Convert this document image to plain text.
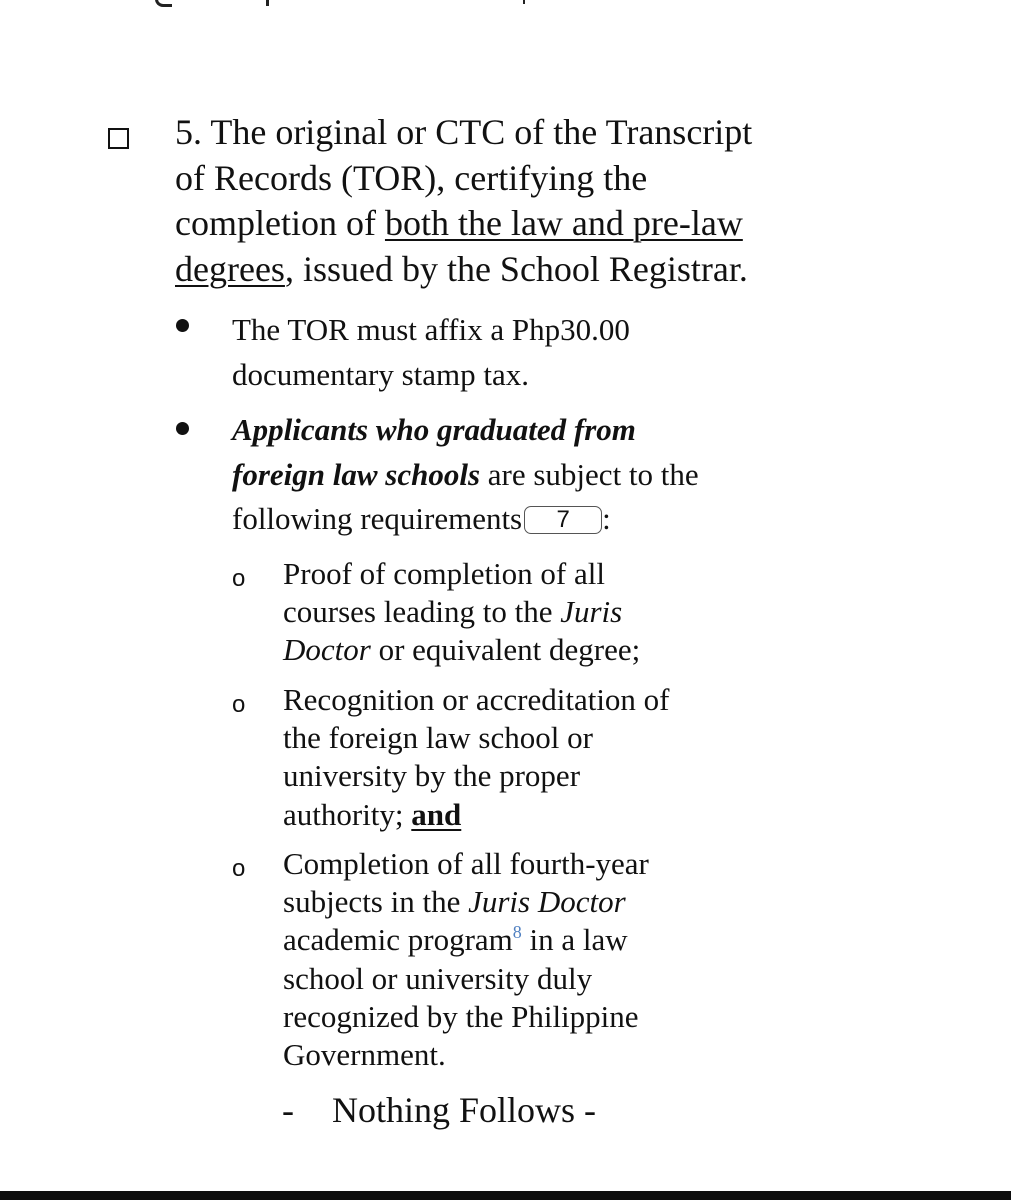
5. The original or CTC of the Transcript
of Records (TOR), certifying the
completion of both the law and pre-law
degrees, issued by the School Registrar.
The TOR must affix a Php30.00
documentary stamp tax.
Applicants who graduated from
foreign law schools are subject to the
following requirements 7 :
o Proof of completion of all
courses leading to the Juris
Doctor or equivalent degree;
o Recognition or accreditation of
the foreign law school or
university by the proper
authority; and
o Completion of all fourth-year
subjects in the Juris Doctor
academic program$^8$ in a law
school or university duly
recognized by the Philippine
Government.
- Nothing Follows -
